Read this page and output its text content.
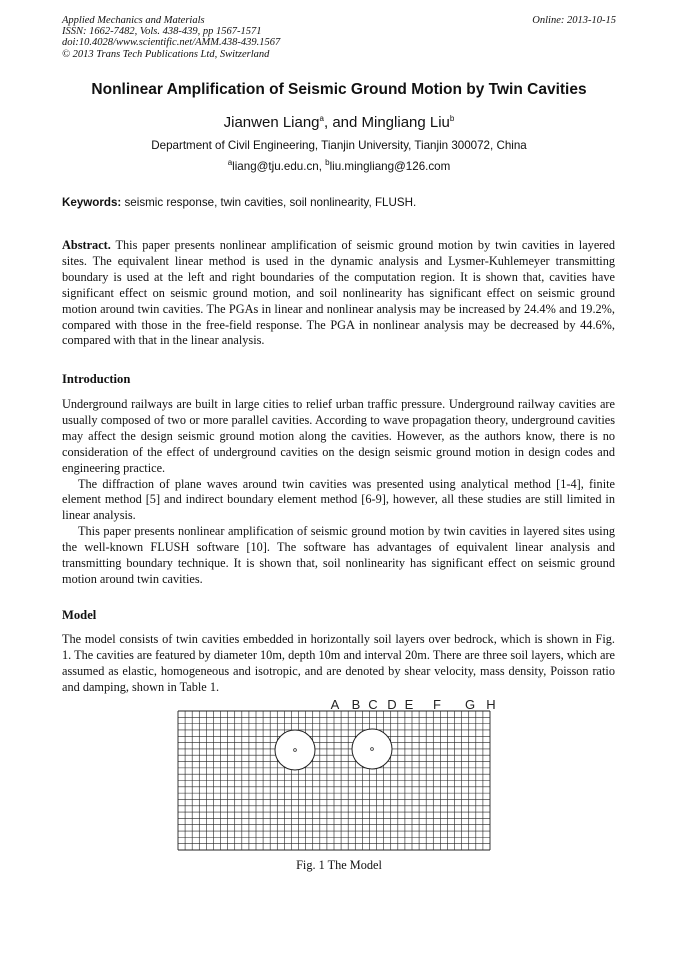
Applied Mechanics and Materials
ISSN: 1662-7482, Vols. 438-439, pp 1567-1571
doi:10.4028/www.scientific.net/AMM.438-439.1567
© 2013 Trans Tech Publications Ltd, Switzerland
Online: 2013-10-15
Nonlinear Amplification of Seismic Ground Motion by Twin Cavities
Jianwen Liang$^a$, and Mingliang Liu$^b$
Department of Civil Engineering, Tianjin University, Tianjin 300072, China
$^a$liang@tju.edu.cn, $^b$liu.mingliang@126.com
Keywords: seismic response, twin cavities, soil nonlinearity, FLUSH.
Abstract. This paper presents nonlinear amplification of seismic ground motion by twin cavities in layered sites. The equivalent linear method is used in the dynamic analysis and Lysmer-Kuhlemeyer transmitting boundary is used at the left and right boundaries of the computation region. It is shown that, cavities have significant effect on seismic ground motion, and soil nonlinearity has significant effect on seismic ground motion around twin cavities. The PGAs in linear and nonlinear analysis may be increased by 24.4% and 19.2%, compared with those in the free-field response. The PGA in nonlinear analysis may be decreased by 44.6%, compared with that in the linear analysis.
Introduction
Underground railways are built in large cities to relief urban traffic pressure. Underground railway cavities are usually composed of two or more parallel cavities. According to wave propagation theory, underground cavities may affect the design seismic ground motion along the cavities. However, as the authors know, there is no consideration of the effect of underground cavities on the design seismic ground motion in design codes and engineering practice.
The diffraction of plane waves around twin cavities was presented using analytical method [1-4], finite element method [5] and indirect boundary element method [6-9], however, all these studies are still limited in linear analysis.
This paper presents nonlinear amplification of seismic ground motion by twin cavities in layered sites using the well-known FLUSH software [10]. The software has advantages of equivalent linear analysis and transmitting boundary technique. It is shown that, soil nonlinearity has significant effect on seismic ground motion around twin cavities.
Model
The model consists of twin cavities embedded in horizontally soil layers over bedrock, which is shown in Fig. 1. The cavities are featured by diameter 10m, depth 10m and interval 20m. There are three soil layers, which are assumed as elastic, homogeneous and isotropic, and are denoted by shear velocity, mass density, Poisson ratio and damping, shown in Table 1.
A B C D E F G H
Fig. 1 The Model
